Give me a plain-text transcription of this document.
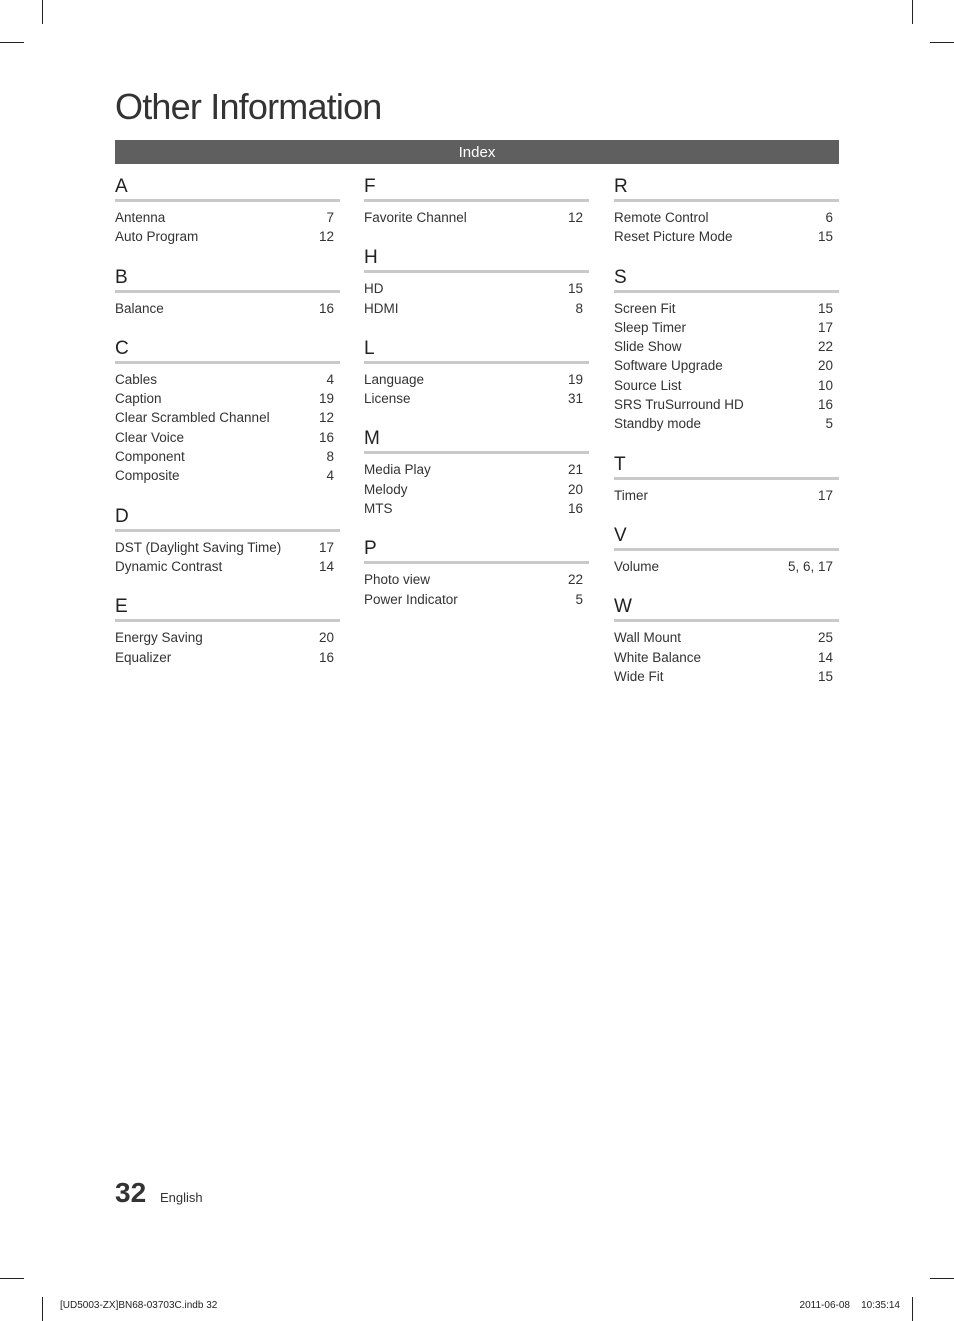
Other Information
Index
A
Antenna	7
Auto Program	12
B
Balance	16
C
Cables	4
Caption	19
Clear Scrambled Channel	12
Clear Voice	16
Component	8
Composite	4
D
DST (Daylight Saving Time)	17
Dynamic Contrast	14
E
Energy Saving	20
Equalizer	16
F
Favorite Channel	12
H
HD	15
HDMI	8
L
Language	19
License	31
M
Media Play	21
Melody	20
MTS	16
P
Photo view	22
Power Indicator	5
R
Remote Control	6
Reset Picture Mode	15
S
Screen Fit	15
Sleep Timer	17
Slide Show	22
Software Upgrade	20
Source List	10
SRS TruSurround HD	16
Standby mode	5
T
Timer	17
V
Volume	5, 6, 17
W
Wall Mount	25
White Balance	14
Wide Fit	15
32 English
[UD5003-ZX]BN68-03703C.indb 32	2011-06-08    10:35:14
